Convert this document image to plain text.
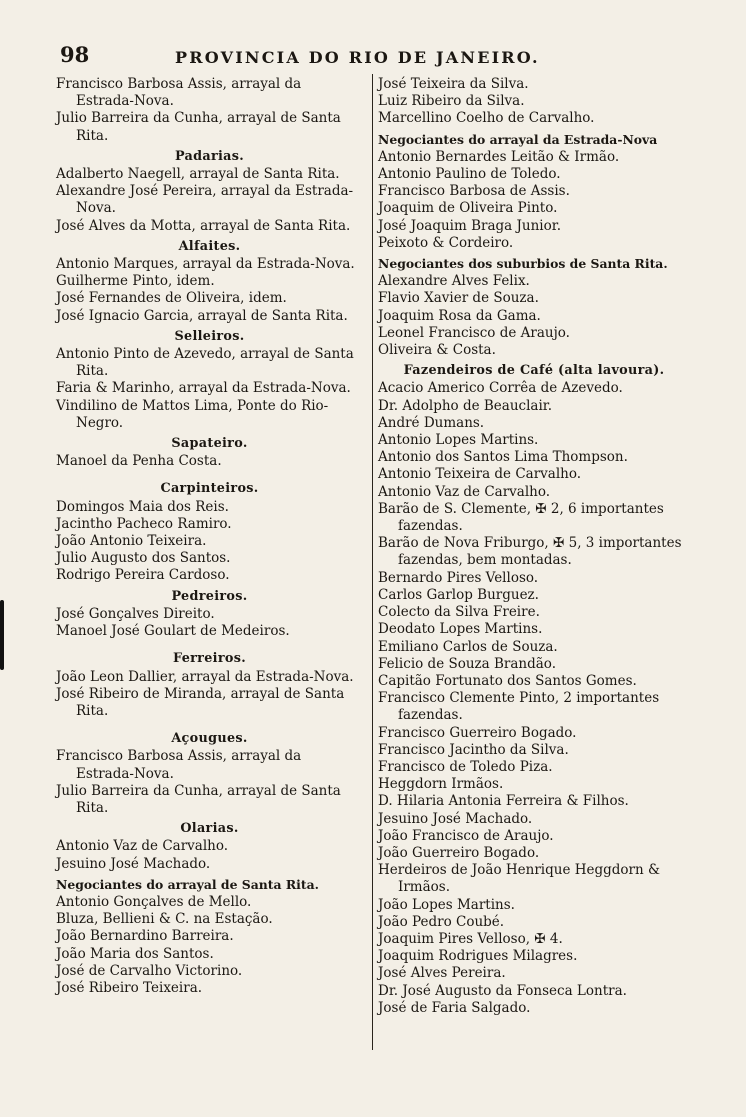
98	PROVINCIA DO RIO DE JANEIRO.
Francisco Barbosa Assis, arrayal da Estrada-Nova.
Julio Barreira da Cunha, arrayal de Santa Rita.
Padarias.
Adalberto Naegell, arrayal de Santa Rita.
Alexandre José Pereira, arrayal da Estrada-Nova.
José Alves da Motta, arrayal de Santa Rita.
Alfaites.
Antonio Marques, arrayal da Estrada-Nova.
Guilherme Pinto, idem.
José Fernandes de Oliveira, idem.
José Ignacio Garcia, arrayal de Santa Rita.
Selleiros.
Antonio Pinto de Azevedo, arrayal de Santa Rita.
Faria & Marinho, arrayal da Estrada-Nova.
Vindilino de Mattos Lima, Ponte do Rio-Negro.
Sapateiro.
Manoel da Penha Costa.
Carpinteiros.
Domingos Maia dos Reis.
Jacintho Pacheco Ramiro.
João Antonio Teixeira.
Julio Augusto dos Santos.
Rodrigo Pereira Cardoso.
Pedreiros.
José Gonçalves Direito.
Manoel José Goulart de Medeiros.
Ferreiros.
João Leon Dallier, arrayal da Estrada-Nova.
José Ribeiro de Miranda, arrayal de Santa Rita.
Açougues.
Francisco Barbosa Assis, arrayal da Estrada-Nova.
Julio Barreira da Cunha, arrayal de Santa Rita.
Olarias.
Antonio Vaz de Carvalho.
Jesuino José Machado.
Negociantes do arrayal de Santa Rita.
Antonio Gonçalves de Mello.
Bluza, Bellieni & C. na Estação.
João Bernardino Barreira.
João Maria dos Santos.
José de Carvalho Victorino.
José Ribeiro Teixeira.
José Teixeira da Silva.
Luiz Ribeiro da Silva.
Marcellino Coelho de Carvalho.
Negociantes do arrayal da Estrada-Nova
Antonio Bernardes Leitão & Irmão.
Antonio Paulino de Toledo.
Francisco Barbosa de Assis.
Joaquim de Oliveira Pinto.
José Joaquim Braga Junior.
Peixoto & Cordeiro.
Negociantes dos suburbios de Santa Rita.
Alexandre Alves Felix.
Flavio Xavier de Souza.
Joaquim Rosa da Gama.
Leonel Francisco de Araujo.
Oliveira & Costa.
Fazendeiros de Café (alta lavoura).
Acacio Americo Corrêa de Azevedo.
Dr. Adolpho de Beauclair.
André Dumans.
Antonio Lopes Martins.
Antonio dos Santos Lima Thompson.
Antonio Teixeira de Carvalho.
Antonio Vaz de Carvalho.
Barão de S. Clemente, ✠ 2, 6 importantes fazendas.
Barão de Nova Friburgo, ✠ 5, 3 importantes fazendas, bem montadas.
Bernardo Pires Velloso.
Carlos Garlop Burguez.
Colecto da Silva Freire.
Deodato Lopes Martins.
Emiliano Carlos de Souza.
Felicio de Souza Brandão.
Capitão Fortunato dos Santos Gomes.
Francisco Clemente Pinto, 2 importantes fazendas.
Francisco Guerreiro Bogado.
Francisco Jacintho da Silva.
Francisco de Toledo Piza.
Heggdorn Irmãos.
D. Hilaria Antonia Ferreira & Filhos.
Jesuino José Machado.
João Francisco de Araujo.
João Guerreiro Bogado.
Herdeiros de João Henrique Heggdorn & Irmãos.
João Lopes Martins.
João Pedro Coubé.
Joaquim Pires Velloso, ✠ 4.
Joaquim Rodrigues Milagres.
José Alves Pereira.
Dr. José Augusto da Fonseca Lontra.
José de Faria Salgado.
